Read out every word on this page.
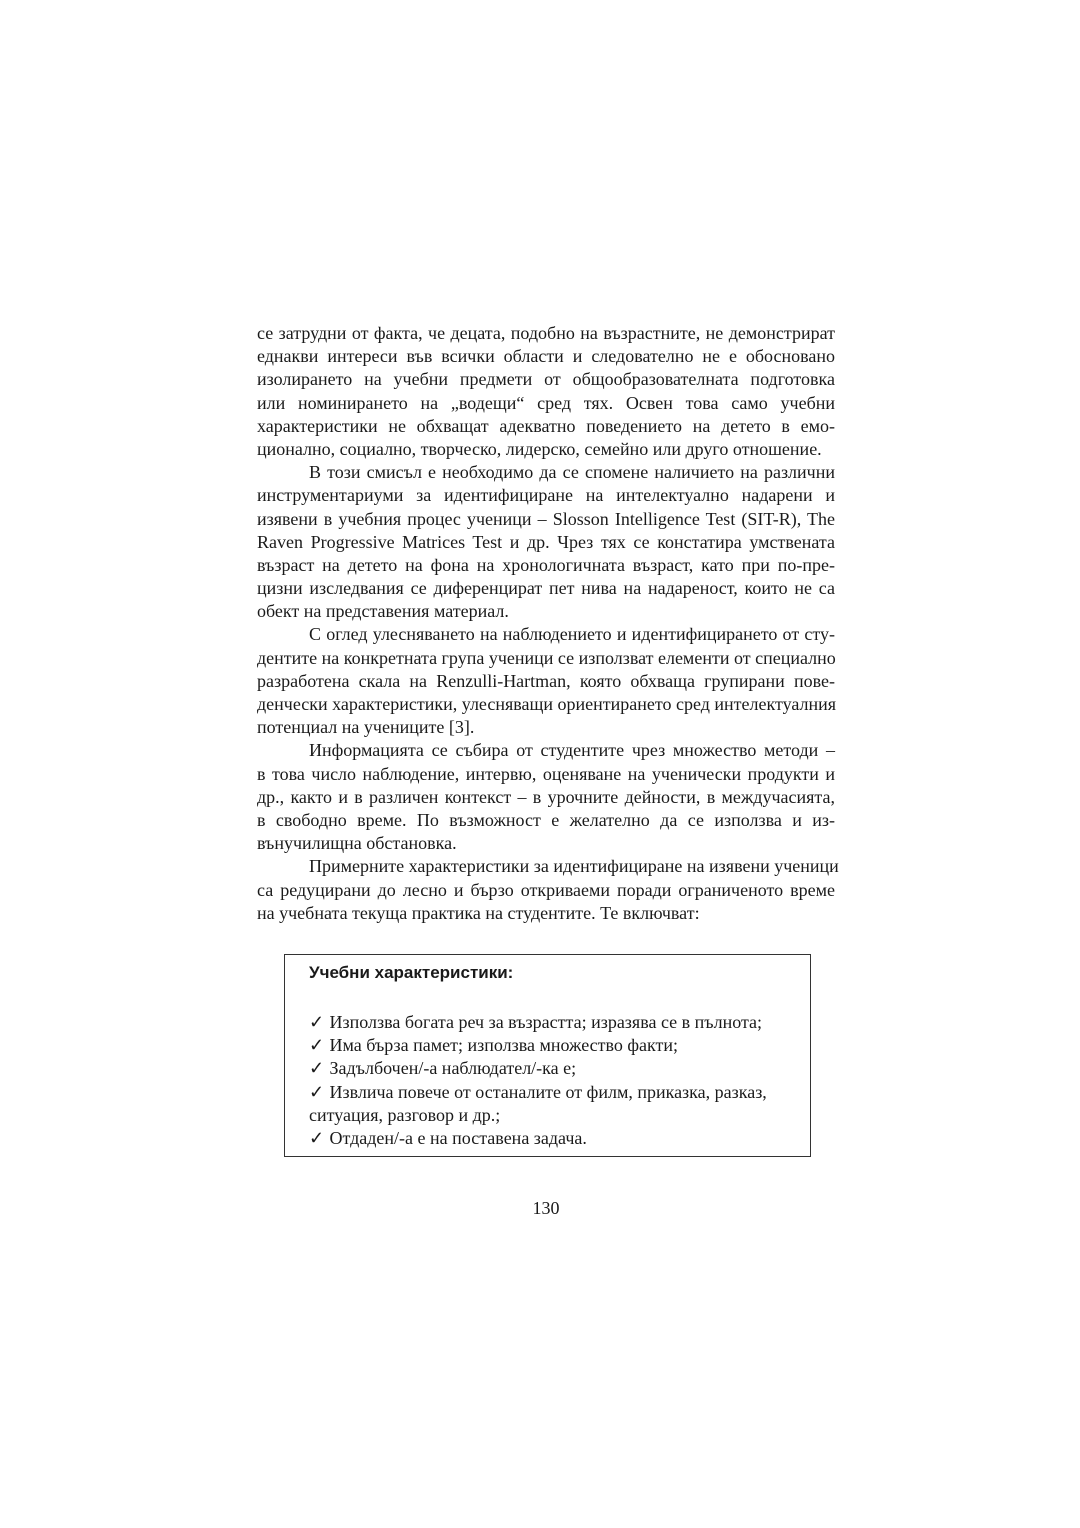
се затрудни от факта, че децата, подобно на възрастните, не демонстрират
еднакви интереси във всички области и следователно не е обосновано
изолирането на учебни предмети от общообразователната подготовка
или номинирането на „водещи“ сред тях. Освен това само учебни
характеристики не обхващат адекватно поведението на детето в емо-
ционално, социално, творческо, лидерско, семейно или друго отношение.
В този смисъл е необходимо да се спомене наличието на различни
инструментариуми за идентифициране на интелектуално надарени и
изявени в учебния процес ученици – Slosson Intelligence Test (SIT-R), The
Raven Progressive Matrices Test и др. Чрез тях се констатира умствената
възраст на детето на фона на хронологичната възраст, като при по-пре-
цизни изследвания се диференцират пет нива на надареност, които не са
обект на представения материал.
С оглед улесняването на наблюдението и идентифицирането от сту-
дентите на конкретната група ученици се използват елементи от специално
разработена скала на Renzulli-Hartman, която обхваща групирани пове-
денчески характеристики, улесняващи ориентирането сред интелектуалния
потенциал на учениците [3].
Информацията се събира от студентите чрез множество методи –
в това число наблюдение, интервю, оценяване на ученически продукти и
др., както и в различен контекст – в урочните дейности, в междучасията,
в свободно време. По възможност е желателно да се използва и из-
вънучилищна обстановка.
Примерните характеристики за идентифициране на изявени ученици
са редуцирани до лесно и бързо откриваеми поради ограниченото време
на учебната текуща практика на студентите. Те включват:
Учебни характеристики:
✓ Използва богата реч за възрастта; изразява се в пълнота;
✓ Има бърза памет; използва множество факти;
✓ Задълбочен/-а наблюдател/-ка е;
✓ Извлича повече от останалите от филм, приказка, разказ,
ситуация, разговор и др.;
✓ Отдаден/-а е на поставена задача.
130
